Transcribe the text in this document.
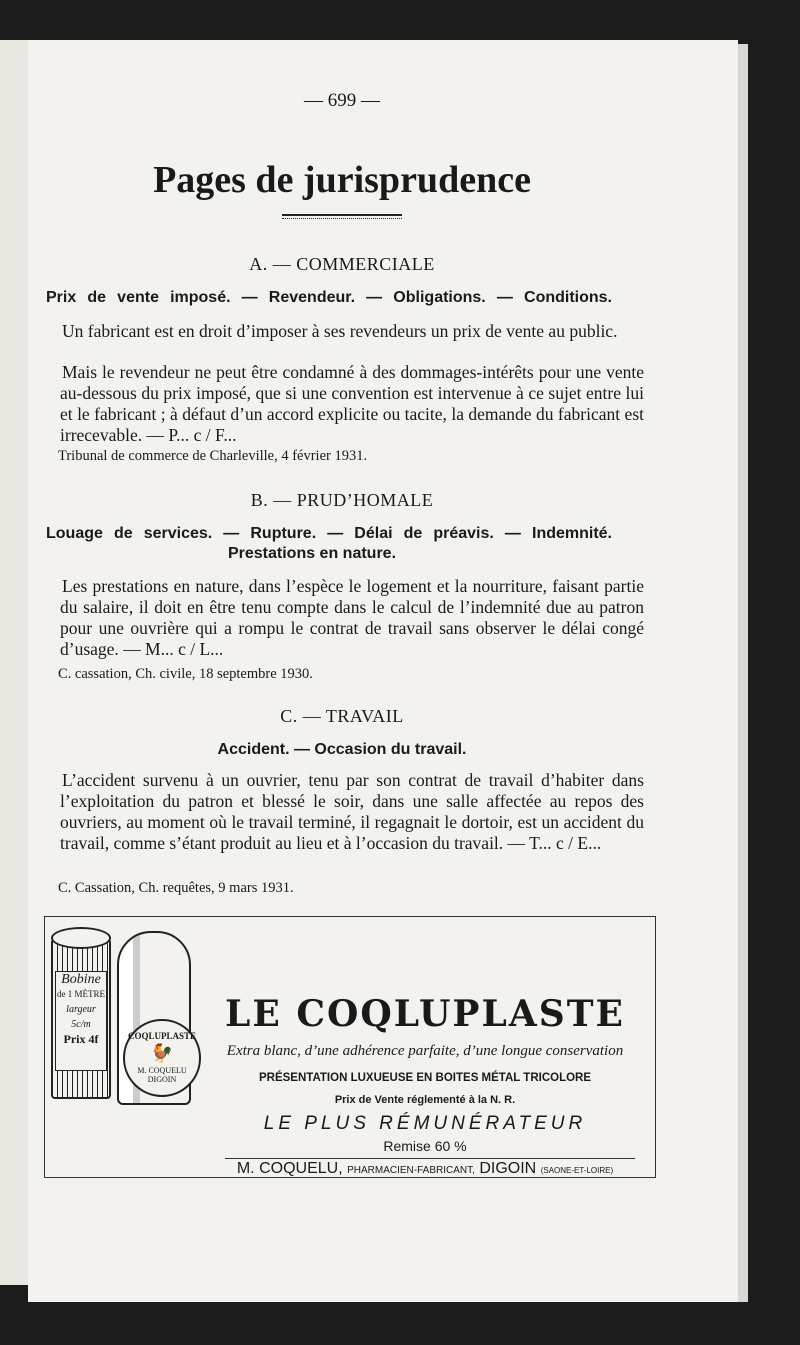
— 699 —
Pages de jurisprudence
A. — COMMERCIALE
Prix de vente imposé. — Revendeur. — Obligations. — Conditions.
Un fabricant est en droit d’imposer à ses revendeurs un prix de vente au public.
Mais le revendeur ne peut être condamné à des dommages-intérêts pour une vente au-dessous du prix imposé, que si une convention est intervenue à ce sujet entre lui et le fabricant ; à défaut d’un accord explicite ou tacite, la demande du fabricant est irrecevable. — P... c / F...
Tribunal de commerce de Charleville, 4 février 1931.
B. — PRUD’HOMALE
Louage de services. — Rupture. — Délai de préavis. — Indemnité.
Prestations en nature.
Les prestations en nature, dans l’espèce le logement et la nourriture, faisant partie du salaire, il doit en être tenu compte dans le calcul de l’indemnité due au patron pour une ouvrière qui a rompu le contrat de travail sans observer le délai congé d’usage. — M... c / L...
C. cassation, Ch. civile, 18 septembre 1930.
C. — TRAVAIL
Accident. — Occasion du travail.
L’accident survenu à un ouvrier, tenu par son contrat de travail d’habiter dans l’exploitation du patron et blessé le soir, dans une salle affectée au repos des ouvriers, au moment où le travail terminé, il regagnait le dortoir, est un accident du travail, comme s’étant produit au lieu et à l’occasion du travail. — T... c / E...
C. Cassation, Ch. requêtes, 9 mars 1931.
Bobine
de 1 MÈTRE
largeur 5c/m
Prix 4f	COQLUPLASTE
🐓
M. COQUELU
DIGOIN
LE COQLUPLASTE
Extra blanc, d’une adhérence parfaite, d’une longue conservation
PRÉSENTATION LUXUEUSE EN BOITES MÉTAL TRICOLORE
Prix de Vente réglementé à la N. R.
LE PLUS RÉMUNÉRATEUR
Remise 60 %
M. COQUELU, PHARMACIEN-FABRICANT, DIGOIN (SAONE-ET-LOIRE)
